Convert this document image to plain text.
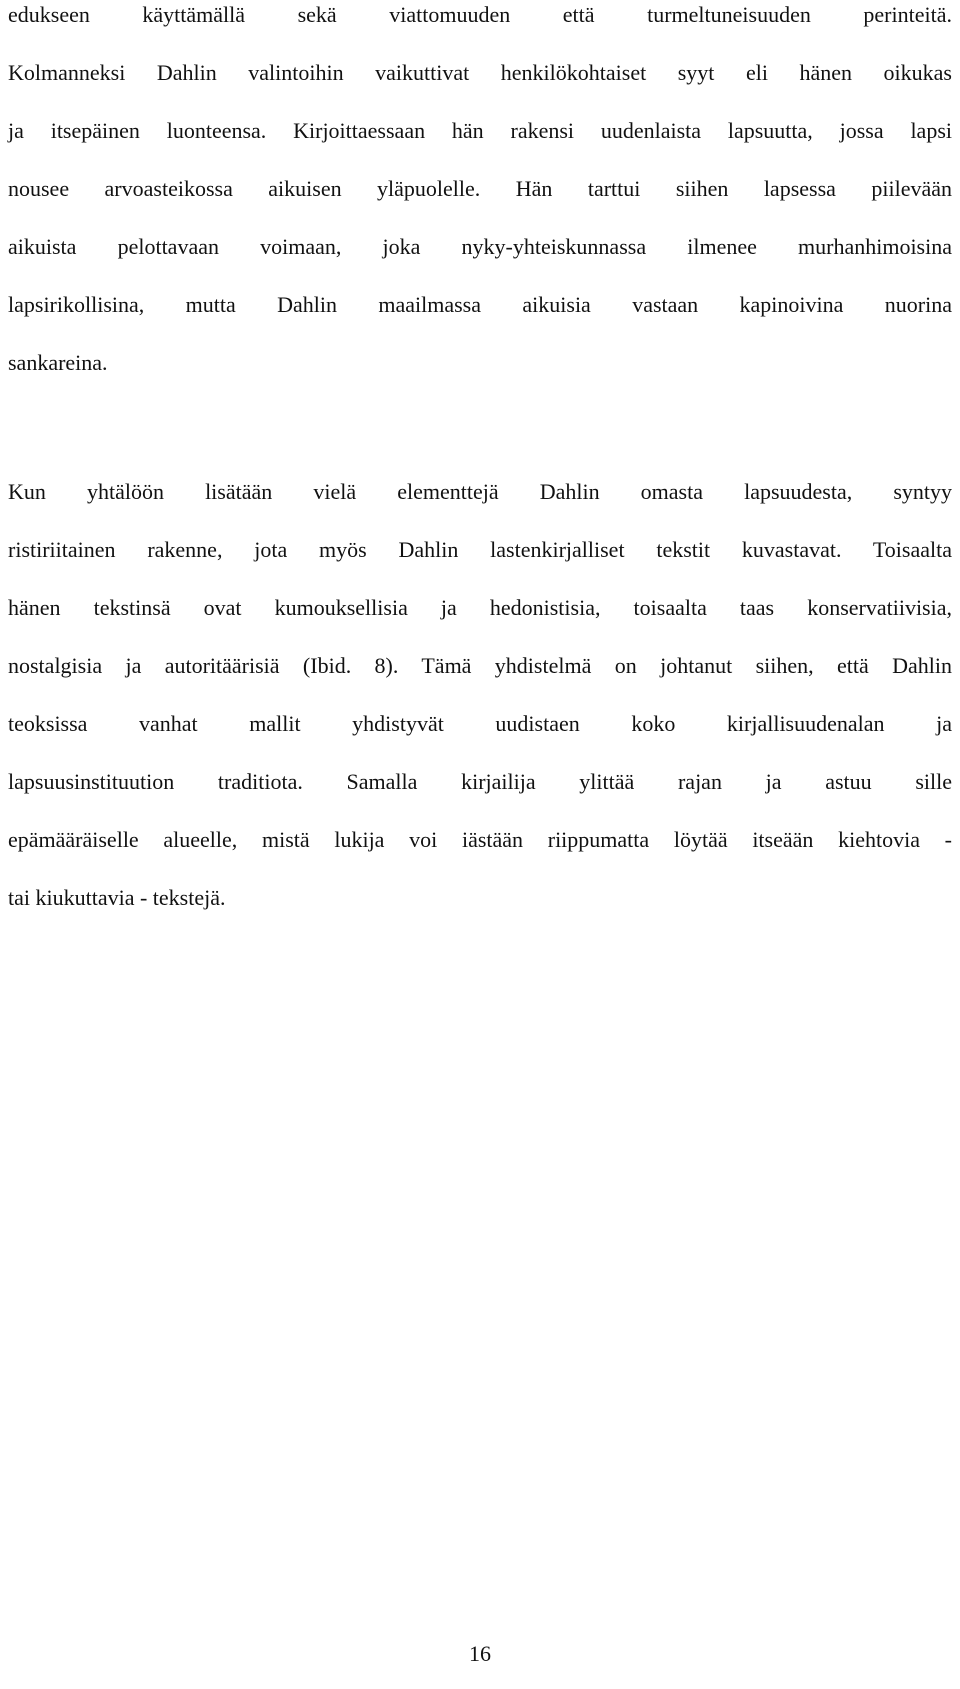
edukseen käyttämällä sekä viattomuuden että turmeltuneisuuden perinteitä.
Kolmanneksi Dahlin valintoihin vaikuttivat henkilökohtaiset syyt eli hänen oikukas
ja itsepäinen luonteensa. Kirjoittaessaan hän rakensi uudenlaista lapsuutta, jossa lapsi
nousee arvoasteikossa aikuisen yläpuolelle. Hän tarttui siihen lapsessa piilevään
aikuista pelottavaan voimaan, joka nyky-yhteiskunnassa ilmenee murhanhimoisina
lapsirikollisina, mutta Dahlin maailmassa aikuisia vastaan kapinoivina nuorina
sankareina.
Kun yhtälöön lisätään vielä elementtejä Dahlin omasta lapsuudesta, syntyy
ristiriitainen rakenne, jota myös Dahlin lastenkirjalliset tekstit kuvastavat. Toisaalta
hänen tekstinsä ovat kumouksellisia ja hedonistisia, toisaalta taas konservatiivisia,
nostalgisia ja autoritäärisiä (Ibid. 8). Tämä yhdistelmä on johtanut siihen, että Dahlin
teoksissa vanhat mallit yhdistyvät uudistaen koko kirjallisuudenalan ja
lapsuusinstituution traditiota. Samalla kirjailija ylittää rajan ja astuu sille
epämääräiselle alueelle, mistä lukija voi iästään riippumatta löytää itseään kiehtovia -
tai kiukuttavia - tekstejä.
16
